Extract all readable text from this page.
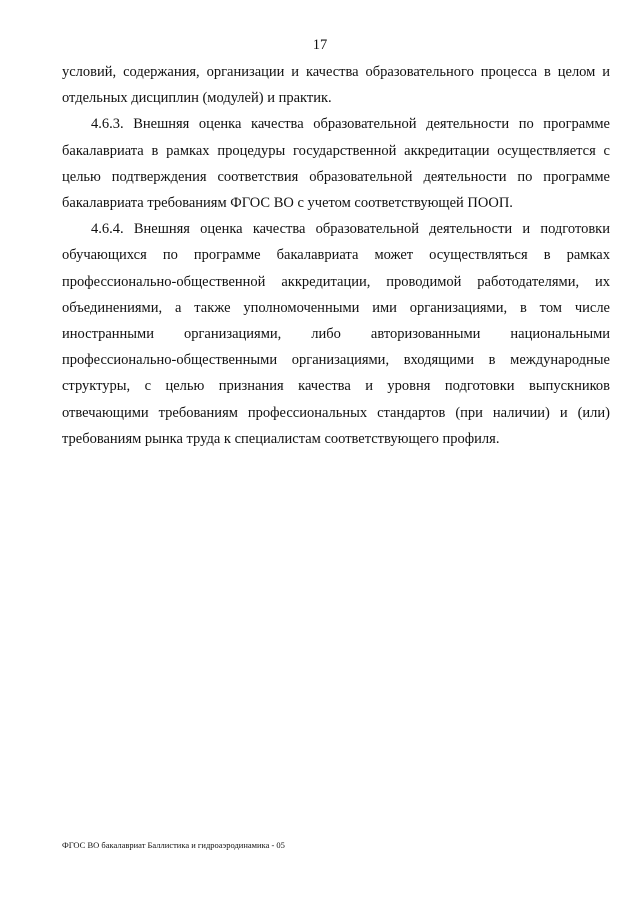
17

условий, содержания, организации и качества образовательного процесса в целом и отдельных дисциплин (модулей) и практик.

4.6.3. Внешняя оценка качества образовательной деятельности по программе бакалавриата в рамках процедуры государственной аккредитации осуществляется с целью подтверждения соответствия образовательной деятельности по программе бакалавриата требованиям ФГОС ВО с учетом соответствующей ПООП.

4.6.4. Внешняя оценка качества образовательной деятельности и подготовки обучающихся по программе бакалавриата может осуществляться в рамках профессионально-общественной аккредитации, проводимой работодателями, их объединениями, а также уполномоченными ими организациями, в том числе иностранными организациями, либо авторизованными национальными профессионально-общественными организациями, входящими в международные структуры, с целью признания качества и уровня подготовки выпускников отвечающими требованиям профессиональных стандартов (при наличии) и (или) требованиям рынка труда к специалистам соответствующего профиля.

ФГОС ВО бакалавриат Баллистика и гидроаэродинамика - 05
